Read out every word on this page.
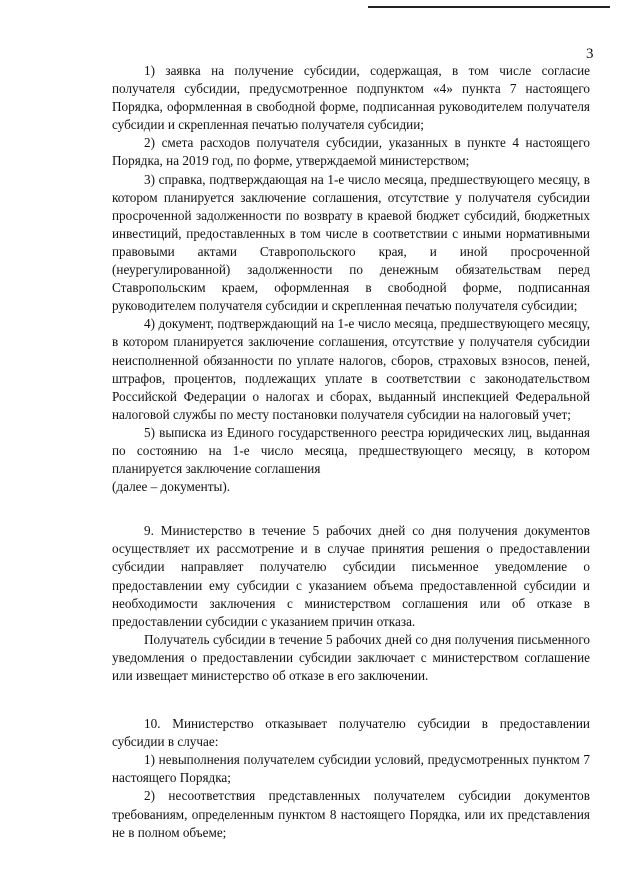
3

1) заявка на получение субсидии, содержащая, в том числе согласие получателя субсидии, предусмотренное подпунктом «4» пункта 7 настоящего Порядка, оформленная в свободной форме, подписанная руководителем получателя субсидии и скрепленная печатью получателя субсидии;

2) смета расходов получателя субсидии, указанных в пункте 4 настоящего Порядка, на 2019 год, по форме, утверждаемой министерством;

3) справка, подтверждающая на 1-е число месяца, предшествующего месяцу, в котором планируется заключение соглашения, отсутствие у получателя субсидии просроченной задолженности по возврату в краевой бюджет субсидий, бюджетных инвестиций, предоставленных в том числе в соответствии с иными нормативными правовыми актами Ставропольского края, и иной просроченной (неурегулированной) задолженности по денежным обязательствам перед Ставропольским краем, оформленная в свободной форме, подписанная руководителем получателя субсидии и скрепленная печатью получателя субсидии;

4) документ, подтверждающий на 1-е число месяца, предшествующего месяцу, в котором планируется заключение соглашения, отсутствие у получателя субсидии неисполненной обязанности по уплате налогов, сборов, страховых взносов, пеней, штрафов, процентов, подлежащих уплате в соответствии с законодательством Российской Федерации о налогах и сборах, выданный инспекцией Федеральной налоговой службы по месту постановки получателя субсидии на налоговый учет;

5) выписка из Единого государственного реестра юридических лиц, выданная по состоянию на 1-е число месяца, предшествующего месяцу, в котором планируется заключение соглашения

(далее – документы).

9. Министерство в течение 5 рабочих дней со дня получения документов осуществляет их рассмотрение и в случае принятия решения о предоставлении субсидии направляет получателю субсидии письменное уведомление о предоставлении ему субсидии с указанием объема предоставленной субсидии и необходимости заключения с министерством соглашения или об отказе в предоставлении субсидии с указанием причин отказа.

Получатель субсидии в течение 5 рабочих дней со дня получения письменного уведомления о предоставлении субсидии заключает с министерством соглашение или извещает министерство об отказе в его заключении.

10. Министерство отказывает получателю субсидии в предоставлении субсидии в случае:

1) невыполнения получателем субсидии условий, предусмотренных пунктом 7 настоящего Порядка;

2) несоответствия представленных получателем субсидии документов требованиям, определенным пунктом 8 настоящего Порядка, или их представления не в полном объеме;
